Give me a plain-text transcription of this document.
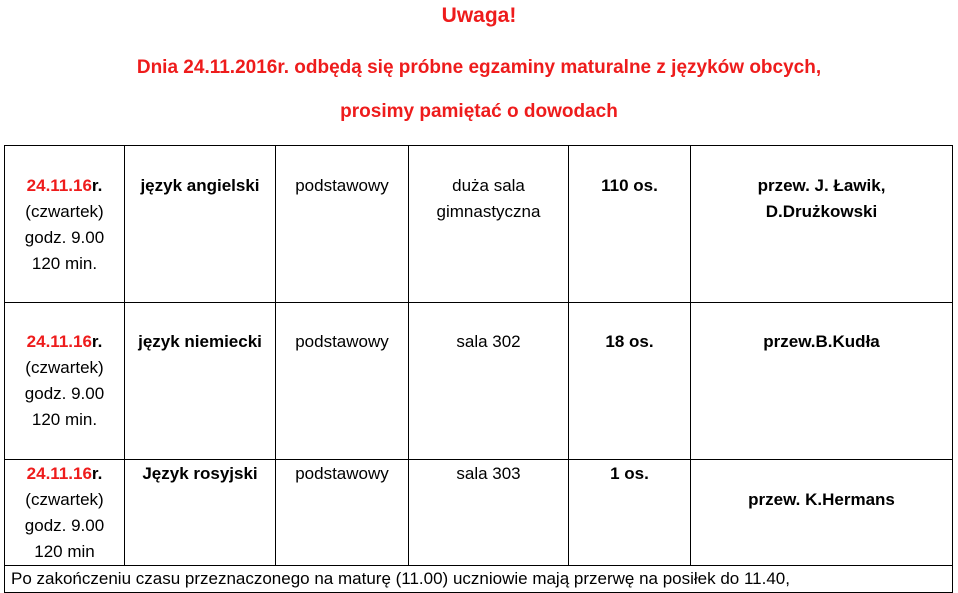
Uwaga!
Dnia 24.11.2016r. odbędą się próbne egzaminy maturalne z języków obcych,
prosimy pamiętać o dowodach
24.11.16r.
(czwartek)
godz. 9.00
120 min.	język angielski	podstawowy	duża sala
gimnastyczna	110 os.	przew. J. Ławik,
D.Drużkowski

24.11.16r.
(czwartek)
godz. 9.00
120 min.	język niemiecki	podstawowy	sala 302	18 os.	przew.B.Kudła

24.11.16r.
(czwartek)
godz. 9.00
120 min	Język rosyjski	podstawowy	sala 303	1 os.	przew. K.Hermans

Po zakończeniu czasu przeznaczonego na maturę (11.00) uczniowie mają przerwę na posiłek do 11.40,					
